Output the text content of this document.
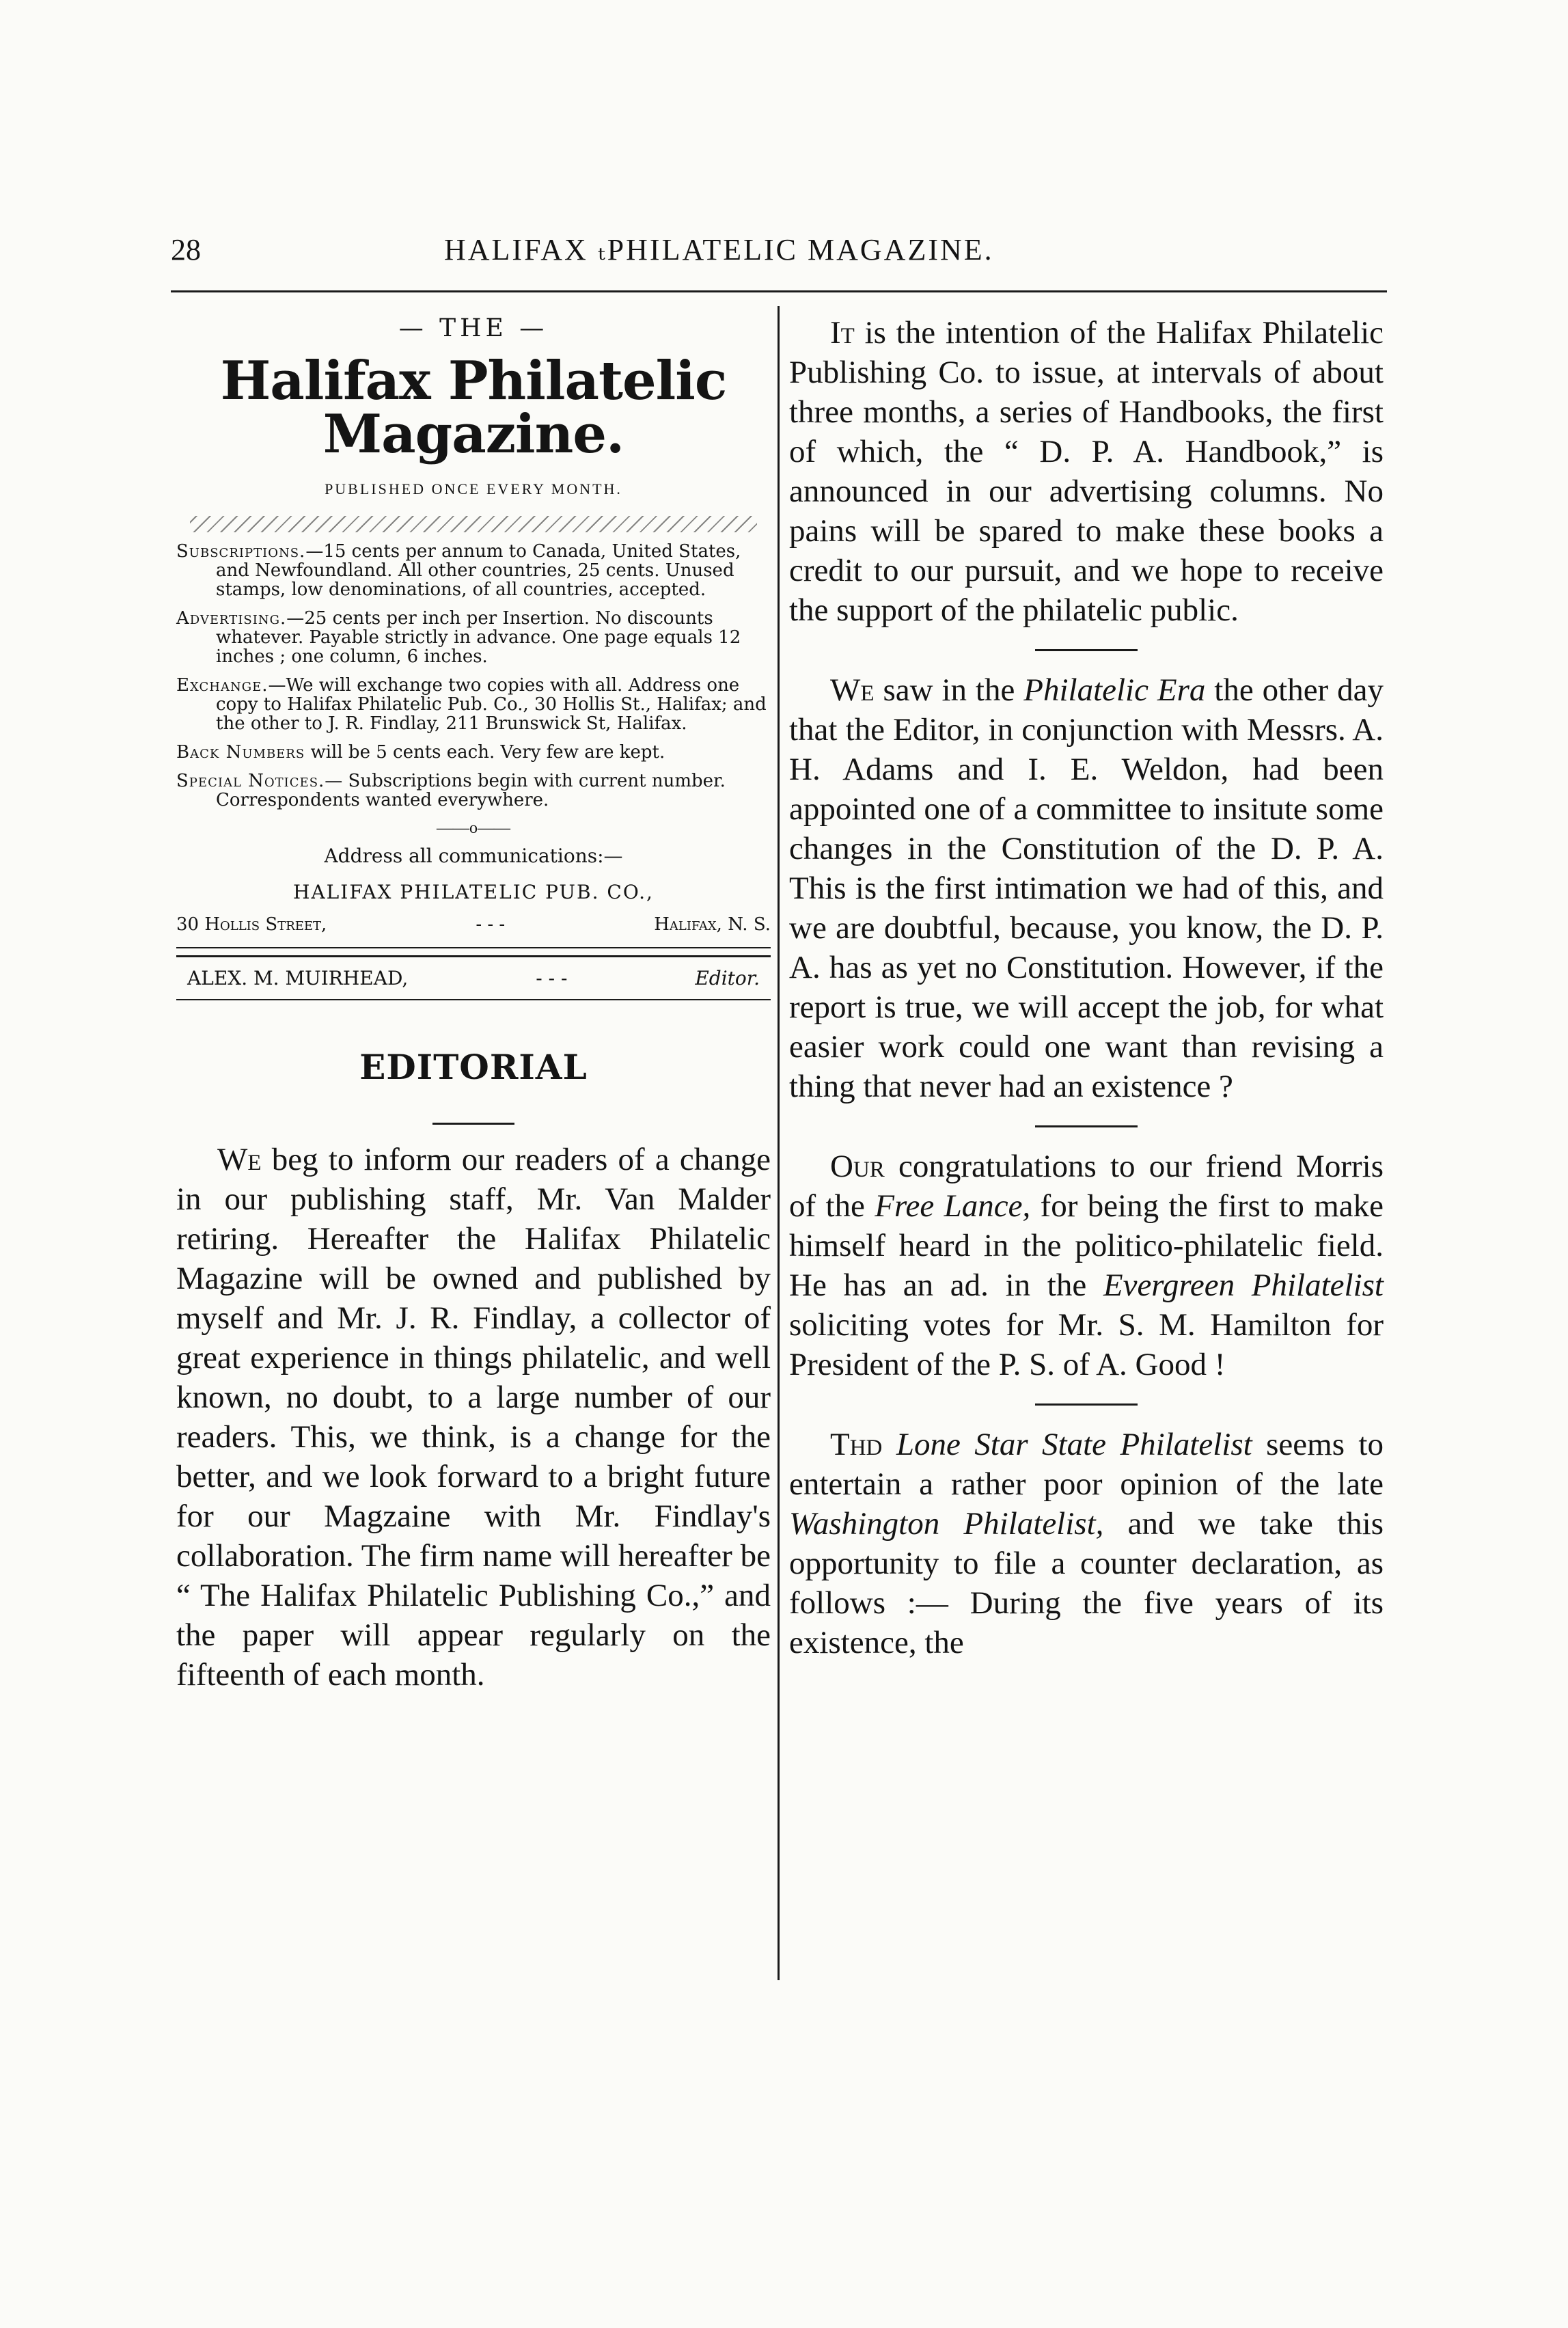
28	HALIFAX ₜPHILATELIC MAGAZINE.
— THE —
Halifax Philatelic Magazine.
PUBLISHED ONCE EVERY MONTH.

Subscriptions.—15 cents per annum to Canada, United States, and Newfoundland. All other countries, 25 cents. Unused stamps, low denominations, of all countries, accepted.

Advertising.—25 cents per inch per Insertion. No discounts whatever. Payable strictly in advance. One page equals 12 inches ; one column, 6 inches.

Exchange.—We will exchange two copies with all. Address one copy to Halifax Philatelic Pub. Co., 30 Hollis St., Halifax; and the other to J. R. Findlay, 211 Brunswick St, Halifax.

Back Numbers will be 5 cents each. Very few are kept.

Special Notices.— Subscriptions begin with current number. Correspondents wanted everywhere.

——o——
Address all communications:—
HALIFAX PHILATELIC PUB. CO.,
30 Hollis Street,	- - -	Halifax, N. S.
ALEX. M. MUIRHEAD,	- - -	Editor.
EDITORIAL

We beg to inform our readers of a change in our publishing staff, Mr. Van Malder retiring. Hereafter the Halifax Philatelic Magazine will be owned and published by myself and Mr. J. R. Findlay, a collector of great experience in things philatelic, and well known, no doubt, to a large number of our readers. This, we think, is a change for the better, and we look forward to a bright future for our Magzaine with Mr. Findlay's collaboration. The firm name will hereafter be “ The Halifax Philatelic Publishing Co.,” and the paper will appear regularly on the fifteenth of each month.

It is the intention of the Halifax Philatelic Publishing Co. to issue, at intervals of about three months, a series of Handbooks, the first of which, the “ D. P. A. Handbook,” is announced in our advertising columns. No pains will be spared to make these books a credit to our pursuit, and we hope to receive the support of the philatelic public.

We saw in the Philatelic Era the other day that the Editor, in conjunction with Messrs. A. H. Adams and I. E. Weldon, had been appointed one of a committee to insitute some changes in the Constitution of the D. P. A. This is the first intimation we had of this, and we are doubtful, because, you know, the D. P. A. has as yet no Constitution. However, if the report is true, we will accept the job, for what easier work could one want than revising a thing that never had an existence ?

Our congratulations to our friend Morris of the Free Lance, for being the first to make himself heard in the politico-philatelic field. He has an ad. in the Evergreen Philatelist soliciting votes for Mr. S. M. Hamilton for President of the P. S. of A. Good !

Thd Lone Star State Philatelist seems to entertain a rather poor opinion of the late Washington Philatelist, and we take this opportunity to file a counter declaration, as follows :— During the five years of its existence, the
